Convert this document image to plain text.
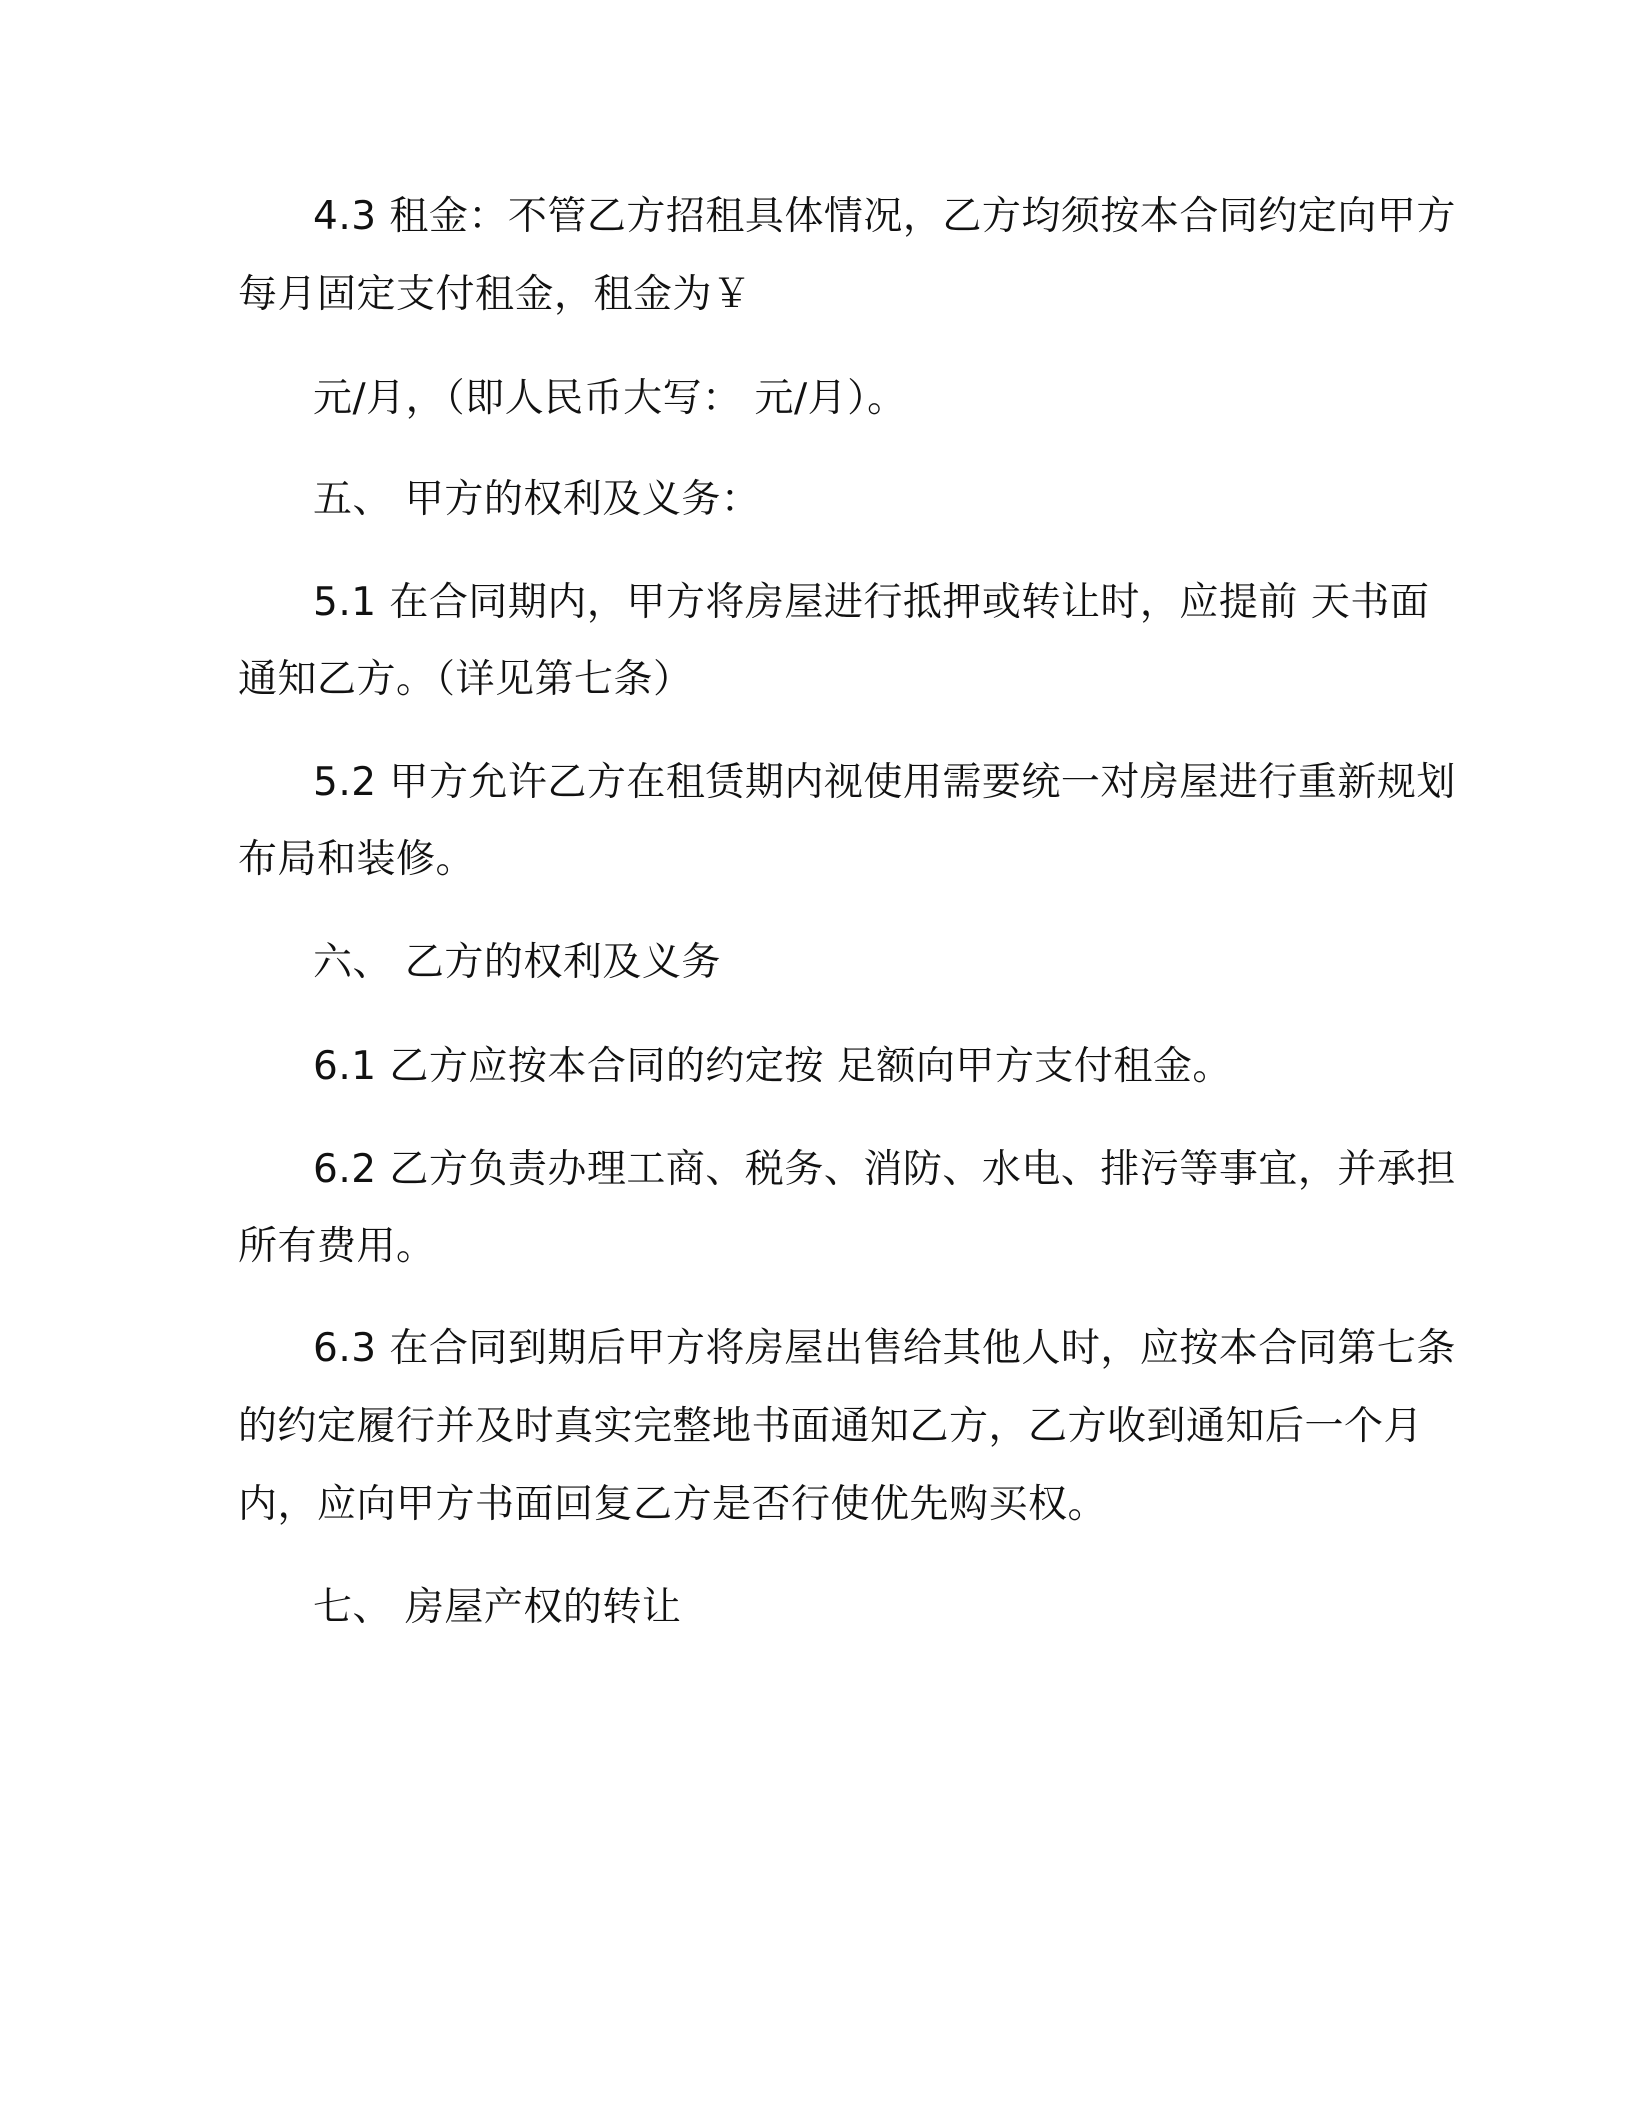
4.3 租金：不管乙方招租具体情况，乙方均须按本合同约定向甲方
每月固定支付租金，租金为￥
元/月，（即人民币大写： 元/月）。
五、 甲方的权利及义务：
5.1 在合同期内，甲方将房屋进行抵押或转让时，应提前 天书面
通知乙方。（详见第七条）
5.2 甲方允许乙方在租赁期内视使用需要统一对房屋进行重新规划
布局和装修。
六、 乙方的权利及义务
6.1 乙方应按本合同的约定按 足额向甲方支付租金。
6.2 乙方负责办理工商、税务、消防、水电、排污等事宜，并承担
所有费用。
6.3 在合同到期后甲方将房屋出售给其他人时，应按本合同第七条
的约定履行并及时真实完整地书面通知乙方，乙方收到通知后一个月
内，应向甲方书面回复乙方是否行使优先购买权。
七、 房屋产权的转让
